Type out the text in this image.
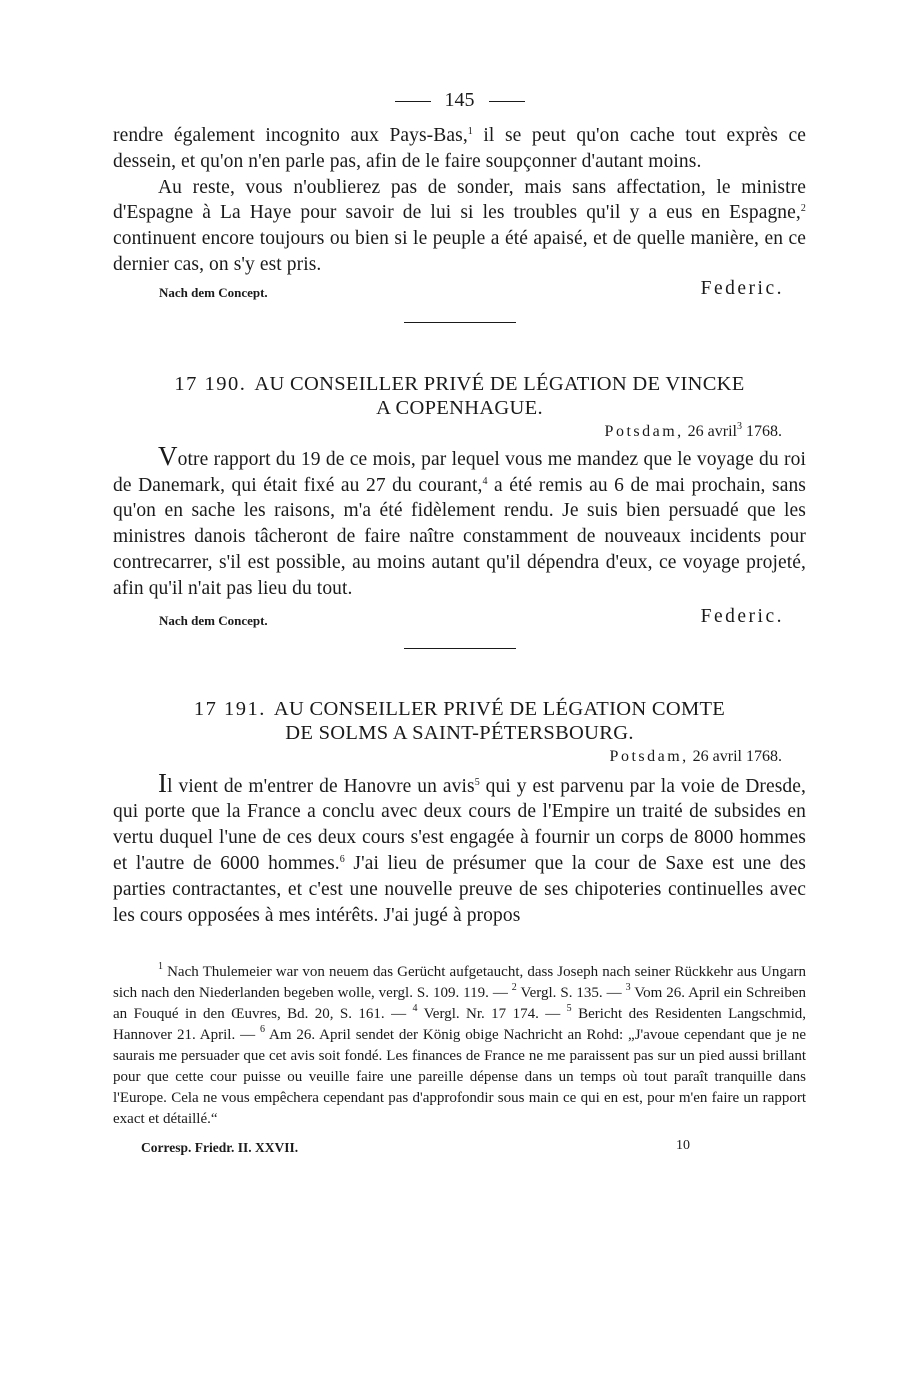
145

rendre également incognito aux Pays-Bas,$^1$ il se peut qu'on cache tout exprès ce dessein, et qu'on n'en parle pas, afin de le faire soupçonner d'autant moins.

Au reste, vous n'oublierez pas de sonder, mais sans affectation, le ministre d'Espagne à La Haye pour savoir de lui si les troubles qu'il y a eus en Espagne,$^2$ continuent encore toujours ou bien si le peuple a été apaisé, et de quelle manière, en ce dernier cas, on s'y est pris.

Nach dem Concept.	Federic.

17 190. AU CONSEILLER PRIVÉ DE LÉGATION DE VINCKE
A COPENHAGUE.

Potsdam, 26 avril$^3$ 1768.

Votre rapport du 19 de ce mois, par lequel vous me mandez que le voyage du roi de Danemark, qui était fixé au 27 du courant,$^4$ a été remis au 6 de mai prochain, sans qu'on en sache les raisons, m'a été fidèlement rendu. Je suis bien persuadé que les ministres danois tâcheront de faire naître constamment de nouveaux incidents pour contrecarrer, s'il est possible, au moins autant qu'il dépendra d'eux, ce voyage projeté, afin qu'il n'ait pas lieu du tout.

Nach dem Concept.	Federic.

17 191. AU CONSEILLER PRIVÉ DE LÉGATION COMTE
DE SOLMS A SAINT-PÉTERSBOURG.

Potsdam, 26 avril 1768.

Il vient de m'entrer de Hanovre un avis$^5$ qui y est parvenu par la voie de Dresde, qui porte que la France a conclu avec deux cours de l'Empire un traité de subsides en vertu duquel l'une de ces deux cours s'est engagée à fournir un corps de 8000 hommes et l'autre de 6000 hommes.$^6$ J'ai lieu de présumer que la cour de Saxe est une des parties contractantes, et c'est une nouvelle preuve de ses chipoteries continuelles avec les cours opposées à mes intérêts. J'ai jugé à propos

$^1$ Nach Thulemeier war von neuem das Gerücht aufgetaucht, dass Joseph nach seiner Rückkehr aus Ungarn sich nach den Niederlanden begeben wolle, vergl. S. 109. 119. — $^2$ Vergl. S. 135. — $^3$ Vom 26. April ein Schreiben an Fouqué in den Œuvres, Bd. 20, S. 161. — $^4$ Vergl. Nr. 17 174. — $^5$ Bericht des Residenten Langschmid, Hannover 21. April. — $^6$ Am 26. April sendet der König obige Nachricht an Rohd: „J'avoue cependant que je ne saurais me persuader que cet avis soit fondé. Les finances de France ne me paraissent pas sur un pied aussi brillant pour que cette cour puisse ou veuille faire une pareille dépense dans un temps où tout paraît tranquille dans l'Europe. Cela ne vous empêchera cependant pas d'approfondir sous main ce qui en est, pour m'en faire un rapport exact et détaillé.“

Corresp. Friedr. II. XXVII.	10
